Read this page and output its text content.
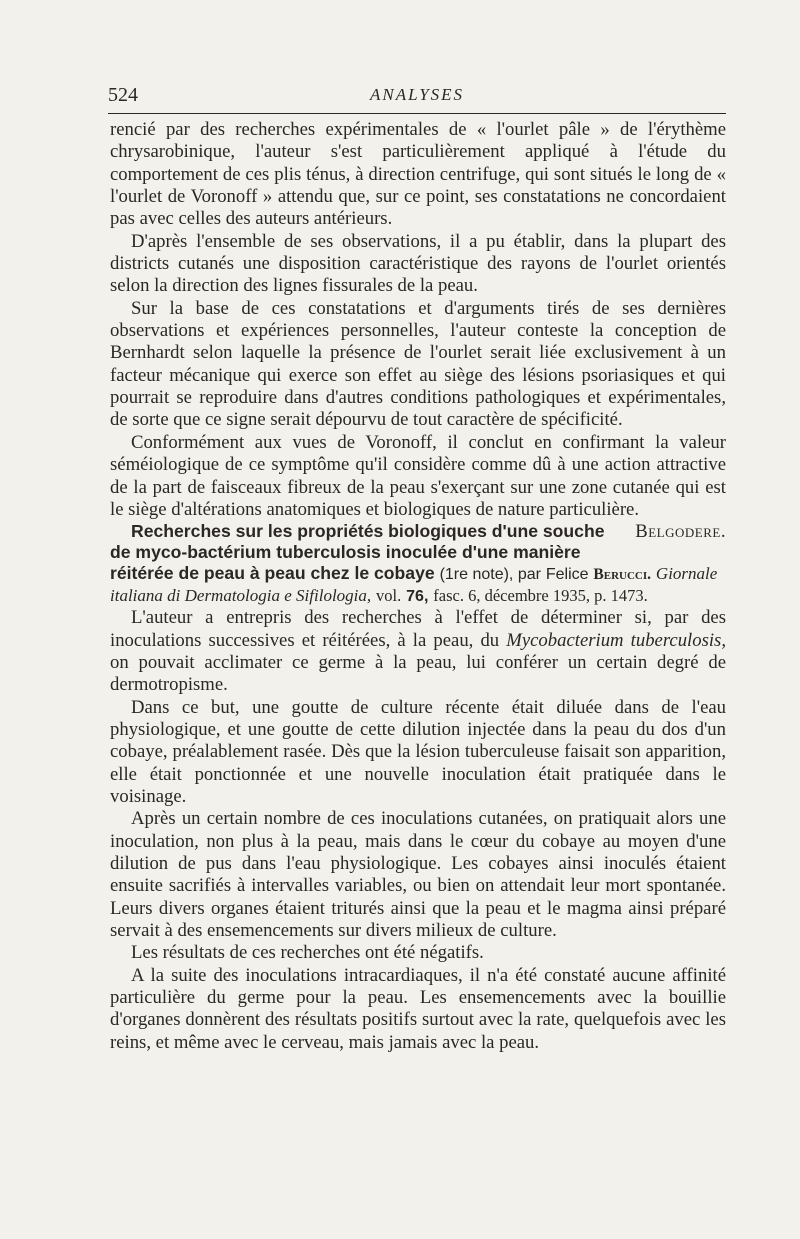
524	ANALYSES

rencié par des recherches expérimentales de « l'ourlet pâle » de l'érythème chrysarobinique, l'auteur s'est particulièrement appliqué à l'étude du comportement de ces plis ténus, à direction centrifuge, qui sont situés le long de « l'ourlet de Voronoff » attendu que, sur ce point, ses constatations ne concordaient pas avec celles des auteurs antérieurs.

D'après l'ensemble de ses observations, il a pu établir, dans la plupart des districts cutanés une disposition caractéristique des rayons de l'ourlet orientés selon la direction des lignes fissurales de la peau.

Sur la base de ces constatations et d'arguments tirés de ses dernières observations et expériences personnelles, l'auteur conteste la conception de Bernhardt selon laquelle la présence de l'ourlet serait liée exclusivement à un facteur mécanique qui exerce son effet au siège des lésions psoriasiques et qui pourrait se reproduire dans d'autres conditions pathologiques et expérimentales, de sorte que ce signe serait dépourvu de tout caractère de spécificité.

Conformément aux vues de Voronoff, il conclut en confirmant la valeur séméiologique de ce symptôme qu'il considère comme dû à une action attractive de la part de faisceaux fibreux de la peau s'exerçant sur une zone cutanée qui est le siège d'altérations anatomiques et biologiques de nature particulière.
Belgodere.

Recherches sur les propriétés biologiques d'une souche de myco-bactérium tuberculosis inoculée d'une manière réitérée de peau à peau chez le cobaye (1re note), par Felice Berucci. Giornale italiana di Dermatologia e Sifilologia, vol. 76, fasc. 6, décembre 1935, p. 1473.

L'auteur a entrepris des recherches à l'effet de déterminer si, par des inoculations successives et réitérées, à la peau, du Mycobacterium tuberculosis, on pouvait acclimater ce germe à la peau, lui conférer un certain degré de dermotropisme.

Dans ce but, une goutte de culture récente était diluée dans de l'eau physiologique, et une goutte de cette dilution injectée dans la peau du dos d'un cobaye, préalablement rasée. Dès que la lésion tuberculeuse faisait son apparition, elle était ponctionnée et une nouvelle inoculation était pratiquée dans le voisinage.

Après un certain nombre de ces inoculations cutanées, on pratiquait alors une inoculation, non plus à la peau, mais dans le cœur du cobaye au moyen d'une dilution de pus dans l'eau physiologique. Les cobayes ainsi inoculés étaient ensuite sacrifiés à intervalles variables, ou bien on attendait leur mort spontanée. Leurs divers organes étaient triturés ainsi que la peau et le magma ainsi préparé servait à des ensemencements sur divers milieux de culture.

Les résultats de ces recherches ont été négatifs.

A la suite des inoculations intracardiaques, il n'a été constaté aucune affinité particulière du germe pour la peau. Les ensemencements avec la bouillie d'organes donnèrent des résultats positifs surtout avec la rate, quelquefois avec les reins, et même avec le cerveau, mais jamais avec la peau.
